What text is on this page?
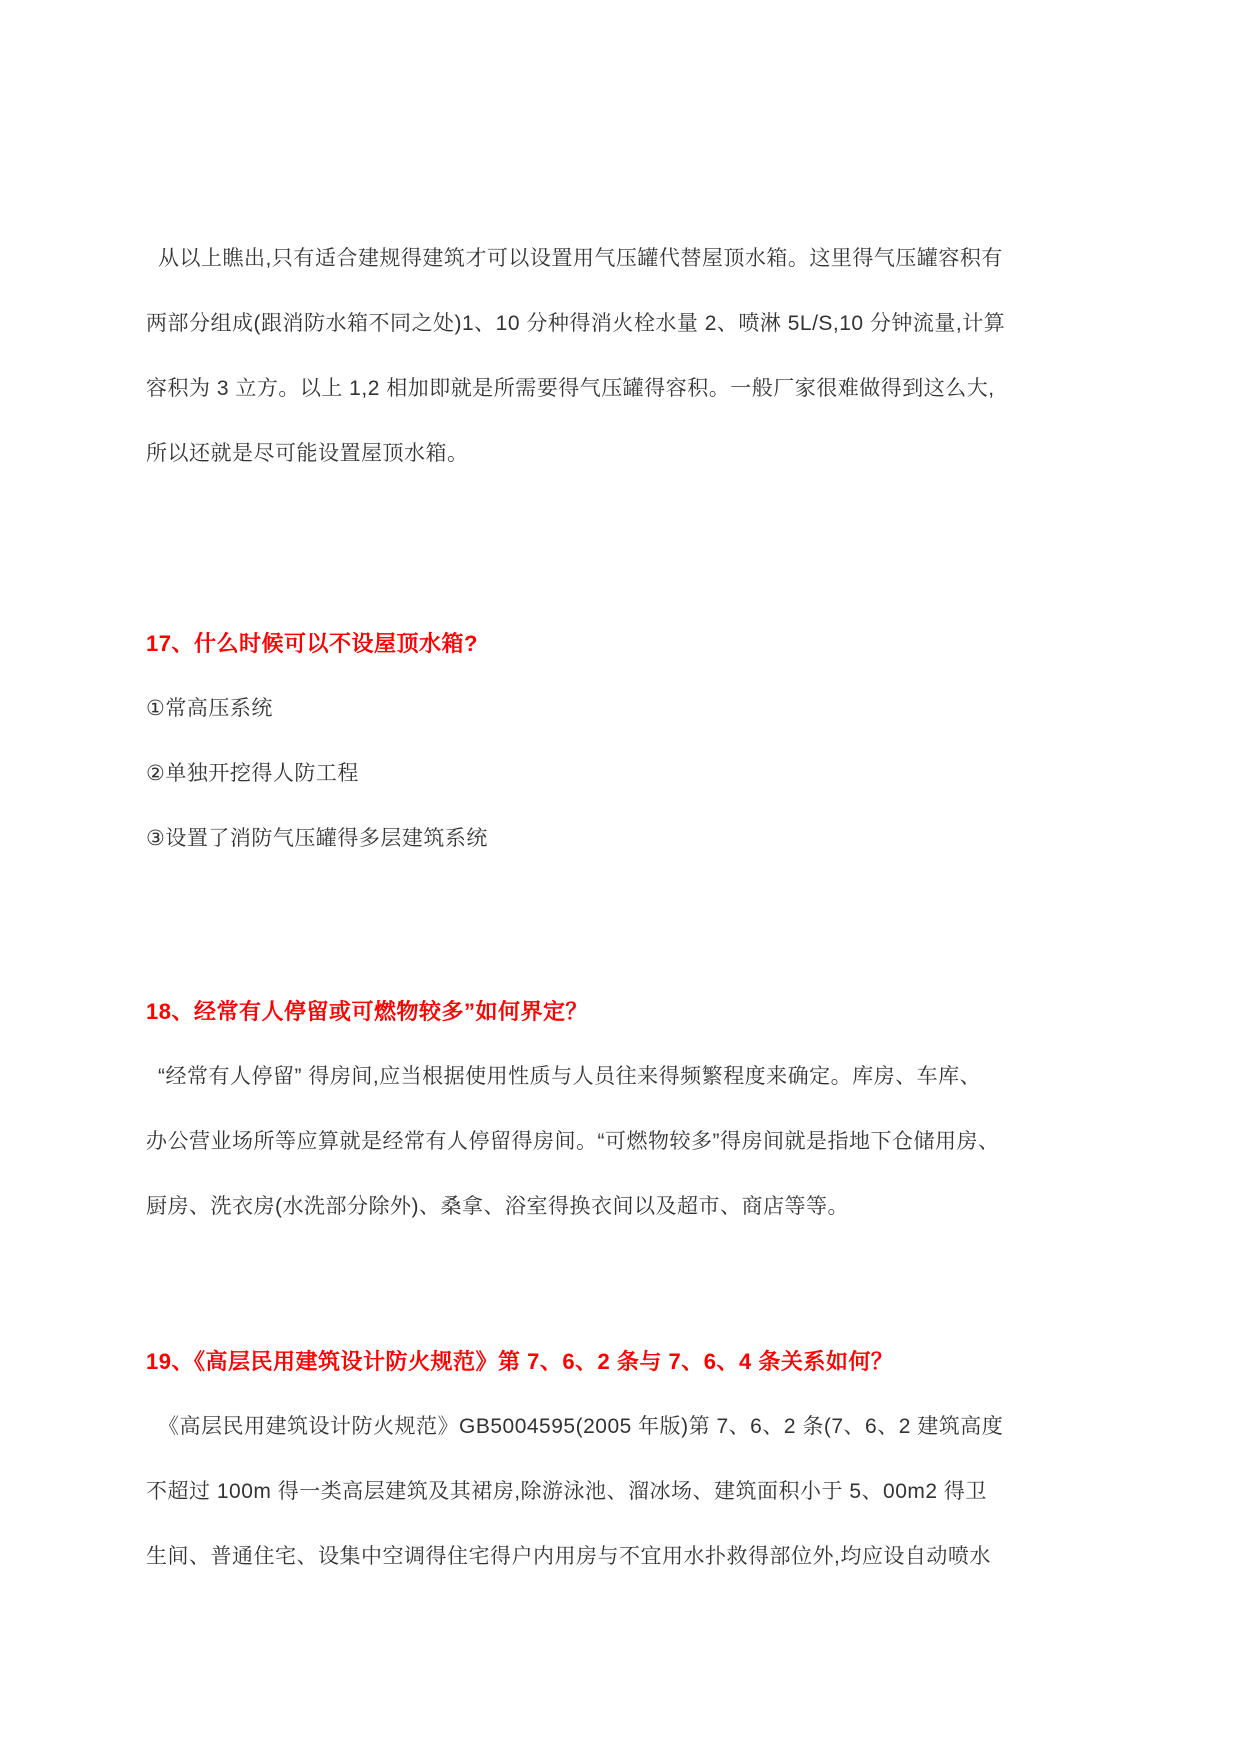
从以上瞧出,只有适合建规得建筑才可以设置用气压罐代替屋顶水箱。这里得气压罐容积有
两部分组成(跟消防水箱不同之处)1、10 分种得消火栓水量 2、喷淋 5L/S,10 分钟流量,计算
容积为 3 立方。以上 1,2 相加即就是所需要得气压罐得容积。一般厂家很难做得到这么大,
所以还就是尽可能设置屋顶水箱。
17、什么时候可以不设屋顶水箱?
①常高压系统
②单独开挖得人防工程
③设置了消防气压罐得多层建筑系统
18、经常有人停留或可燃物较多”如何界定？
“经常有人停留” 得房间,应当根据使用性质与人员往来得频繁程度来确定。库房、车库、
办公营业场所等应算就是经常有人停留得房间。“可燃物较多”得房间就是指地下仓储用房、
厨房、洗衣房(水洗部分除外)、桑拿、浴室得换衣间以及超市、商店等等。
19、《高层民用建筑设计防火规范》第 7、6、2 条与 7、6、4 条关系如何？
《高层民用建筑设计防火规范》GB5004595(2005 年版)第 7、6、2 条(7、6、2 建筑高度
不超过 100m 得一类高层建筑及其裙房,除游泳池、溜冰场、建筑面积小于 5、00m2 得卫
生间、普通住宅、设集中空调得住宅得户内用房与不宜用水扑救得部位外,均应设自动喷水
